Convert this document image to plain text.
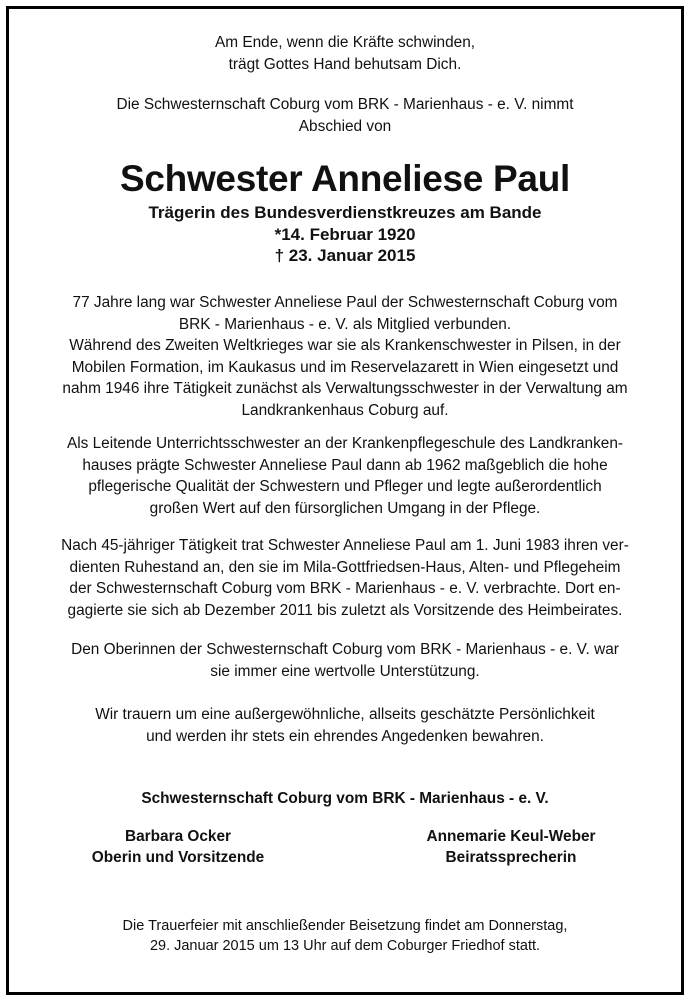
Am Ende, wenn die Kräfte schwinden,
trägt Gottes Hand behutsam Dich.
Die Schwesternschaft Coburg vom BRK - Marienhaus - e. V. nimmt
Abschied von
Schwester Anneliese Paul
Trägerin des Bundesverdienstkreuzes am Bande
*14. Februar 1920
† 23. Januar 2015
77 Jahre lang war Schwester Anneliese Paul der Schwesternschaft Coburg vom
BRK - Marienhaus - e. V. als Mitglied verbunden.
Während des Zweiten Weltkrieges war sie als Krankenschwester in Pilsen, in der
Mobilen Formation, im Kaukasus und im Reservelazarett in Wien eingesetzt und
nahm 1946 ihre Tätigkeit zunächst als Verwaltungsschwester in der Verwaltung am
Landkrankenhaus Coburg auf.
Als Leitende Unterrichtsschwester an der Krankenpflegeschule des Landkranken-
hauses prägte Schwester Anneliese Paul dann ab 1962 maßgeblich die hohe
pflegerische Qualität der Schwestern und Pfleger und legte außerordentlich
großen Wert auf den fürsorglichen Umgang in der Pflege.
Nach 45-jähriger Tätigkeit trat Schwester Anneliese Paul am 1. Juni 1983 ihren ver-
dienten Ruhestand an, den sie im Mila-Gottfriedsen-Haus, Alten- und Pflegeheim
der Schwesternschaft Coburg vom BRK - Marienhaus - e. V. verbrachte. Dort en-
gagierte sie sich ab Dezember 2011 bis zuletzt als Vorsitzende des Heimbeirates.
Den Oberinnen der Schwesternschaft Coburg vom BRK - Marienhaus - e. V. war
sie immer eine wertvolle Unterstützung.
Wir trauern um eine außergewöhnliche, allseits geschätzte Persönlichkeit
und werden ihr stets ein ehrendes Angedenken bewahren.
Schwesternschaft Coburg vom BRK - Marienhaus - e. V.
Barbara Ocker
Oberin und Vorsitzende
Annemarie Keul-Weber
Beiratssprecherin
Die Trauerfeier mit anschließender Beisetzung findet am Donnerstag,
29. Januar 2015 um 13 Uhr auf dem Coburger Friedhof statt.
